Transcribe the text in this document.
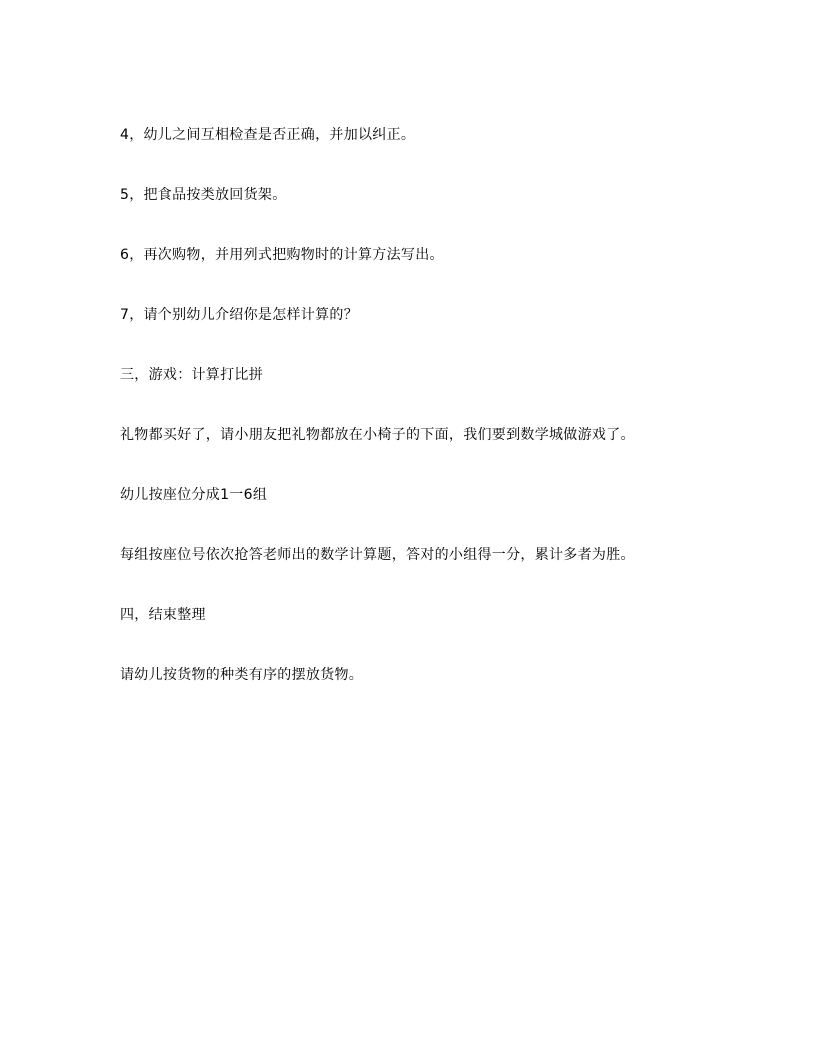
4，幼儿之间互相检查是否正确，并加以纠正。

5，把食品按类放回货架。

6，再次购物，并用列式把购物时的计算方法写出。

7，请个别幼儿介绍你是怎样计算的？

三，游戏：计算打比拼

礼物都买好了，请小朋友把礼物都放在小椅子的下面，我们要到数学城做游戏了。

幼儿按座位分成1一6组

每组按座位号依次抢答老师出的数学计算题，答对的小组得一分，累计多者为胜。

四，结束整理

请幼儿按货物的种类有序的摆放货物。
